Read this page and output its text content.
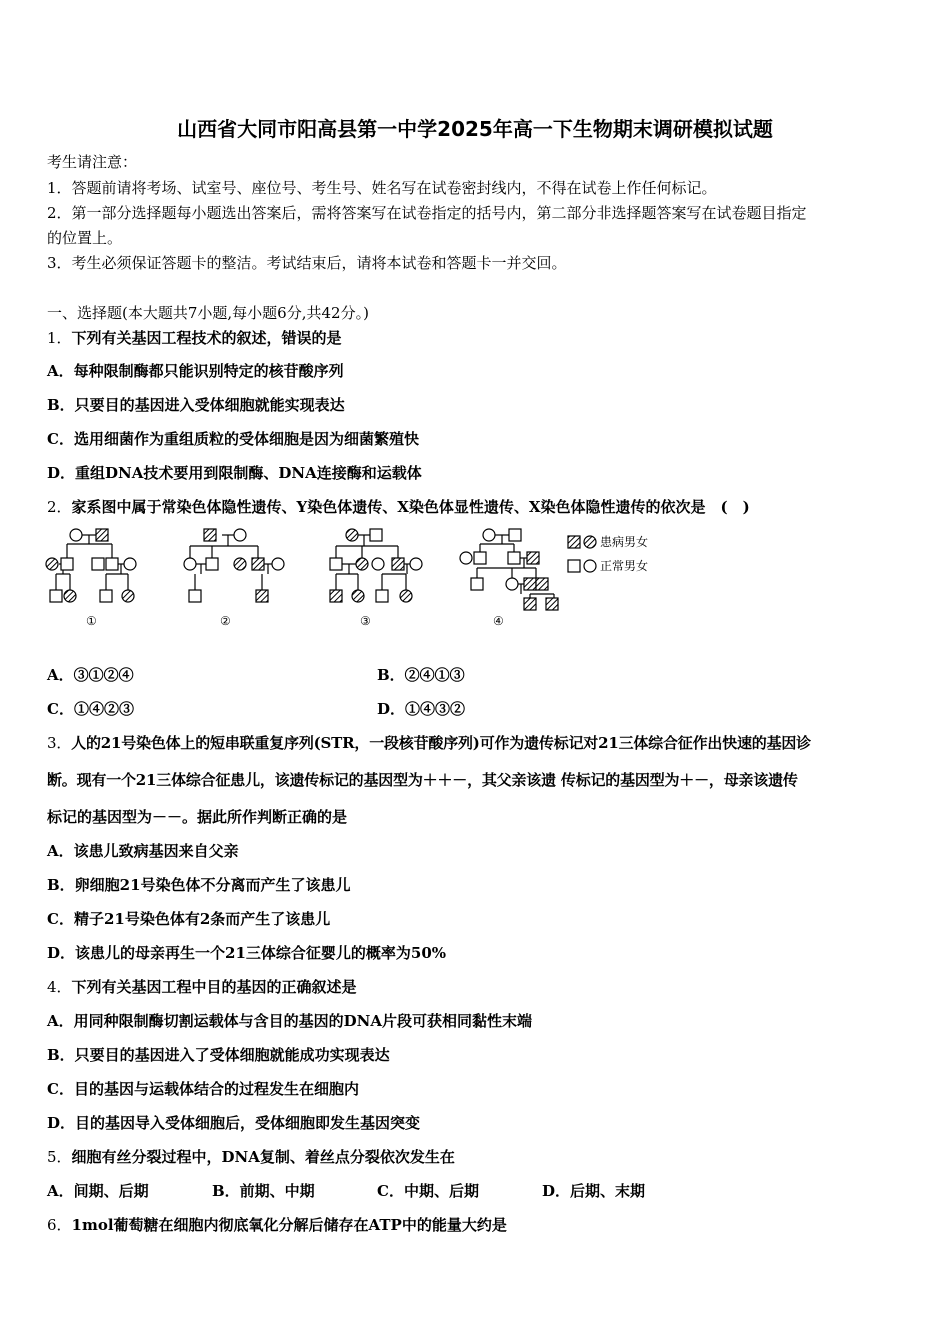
山西省大同市阳高县第一中学2025年高一下生物期末调研模拟试题
考生请注意：
1．答题前请将考场、试室号、座位号、考生号、姓名写在试卷密封线内，不得在试卷上作任何标记。
2．第一部分选择题每小题选出答案后，需将答案写在试卷指定的括号内，第二部分非选择题答案写在试卷题目指定
的位置上。
3．考生必须保证答题卡的整洁。考试结束后，请将本试卷和答题卡一并交回。
一、选择题(本大题共7小题,每小题6分,共42分。)
1．下列有关基因工程技术的叙述，错误的是
A．每种限制酶都只能识别特定的核苷酸序列
B．只要目的基因进入受体细胞就能实现表达
C．选用细菌作为重组质粒的受体细胞是因为细菌繁殖快
D．重组DNA技术要用到限制酶、DNA连接酶和运载体
2．家系图中属于常染色体隐性遗传、Y染色体遗传、X染色体显性遗传、X染色体隐性遗传的依次是　(　)
患病男女
正常男女
①	②	③	④
A．③①②④	B．②④①③
C．①④②③	D．①④③②
3．人的21号染色体上的短串联重复序列(STR，一段核苷酸序列)可作为遗传标记对21三体综合征作出快速的基因诊
断。现有一个21三体综合征患儿，该遗传标记的基因型为＋＋－，其父亲该遗 传标记的基因型为＋－，母亲该遗传
标记的基因型为－－。据此所作判断正确的是
A．该患儿致病基因来自父亲
B．卵细胞21号染色体不分离而产生了该患儿
C．精子21号染色体有2条而产生了该患儿
D．该患儿的母亲再生一个21三体综合征婴儿的概率为50%
4．下列有关基因工程中目的基因的正确叙述是
A．用同种限制酶切割运载体与含目的基因的DNA片段可获相同黏性末端
B．只要目的基因进入了受体细胞就能成功实现表达
C．目的基因与运载体结合的过程发生在细胞内
D．目的基因导入受体细胞后，受体细胞即发生基因突变
5．细胞有丝分裂过程中，DNA复制、着丝点分裂依次发生在
A．间期、后期	B．前期、中期	C．中期、后期	D．后期、末期
6．1mol葡萄糖在细胞内彻底氧化分解后储存在ATP中的能量大约是
